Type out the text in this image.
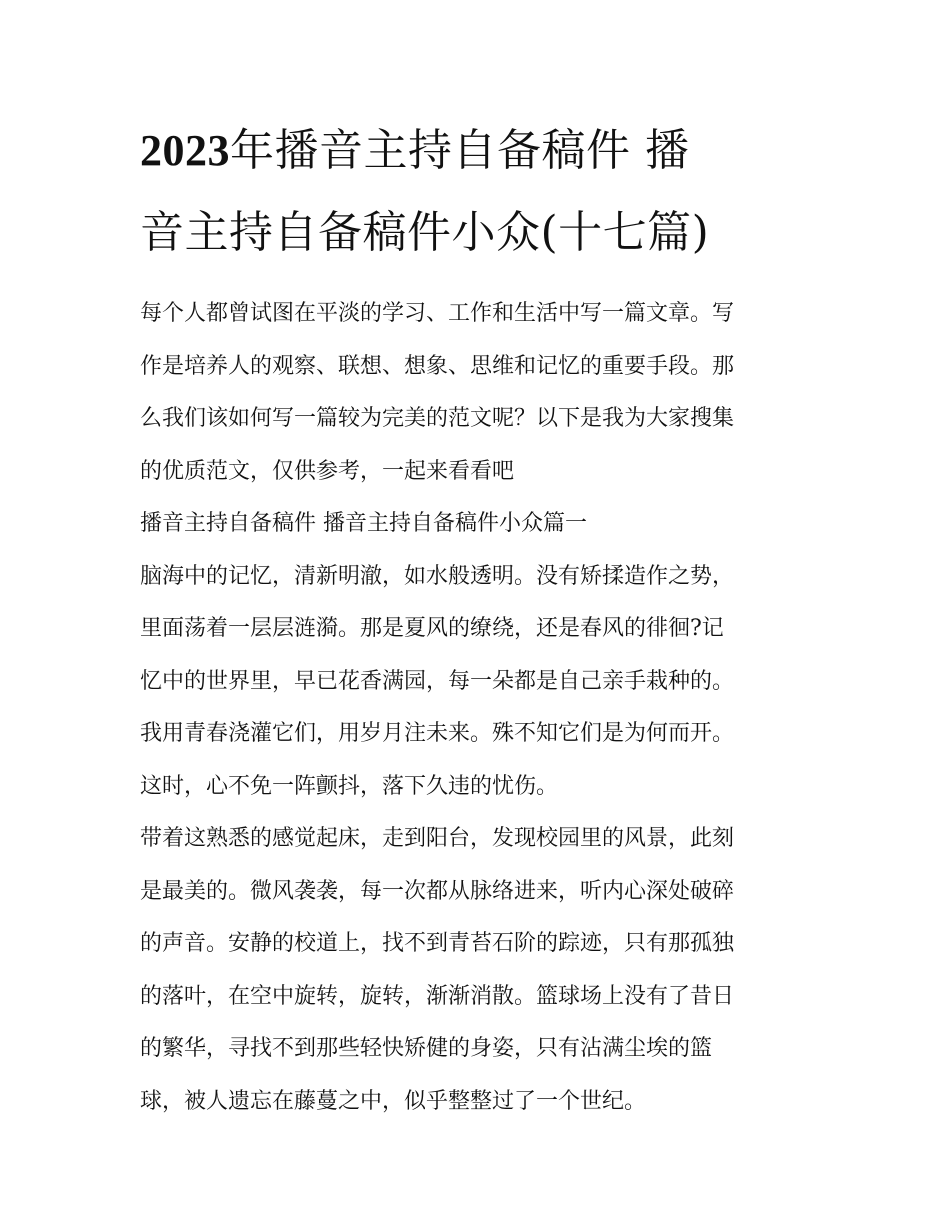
2023年播音主持自备稿件 播
音主持自备稿件小众(十七篇)

每个人都曾试图在平淡的学习、工作和生活中写一篇文章。写
作是培养人的观察、联想、想象、思维和记忆的重要手段。那
么我们该如何写一篇较为完美的范文呢？以下是我为大家搜集
的优质范文，仅供参考，一起来看看吧

播音主持自备稿件 播音主持自备稿件小众篇一

脑海中的记忆，清新明澈，如水般透明。没有矫揉造作之势，
里面荡着一层层涟漪。那是夏风的缭绕，还是春风的徘徊?记
忆中的世界里，早已花香满园，每一朵都是自己亲手栽种的。
我用青春浇灌它们，用岁月注未来。殊不知它们是为何而开。
这时，心不免一阵颤抖，落下久违的忧伤。

带着这熟悉的感觉起床，走到阳台，发现校园里的风景，此刻
是最美的。微风袭袭，每一次都从脉络进来，听内心深处破碎
的声音。安静的校道上，找不到青苔石阶的踪迹，只有那孤独
的落叶，在空中旋转，旋转，渐渐消散。篮球场上没有了昔日
的繁华，寻找不到那些轻快矫健的身姿，只有沾满尘埃的篮
球，被人遗忘在藤蔓之中，似乎整整过了一个世纪。
